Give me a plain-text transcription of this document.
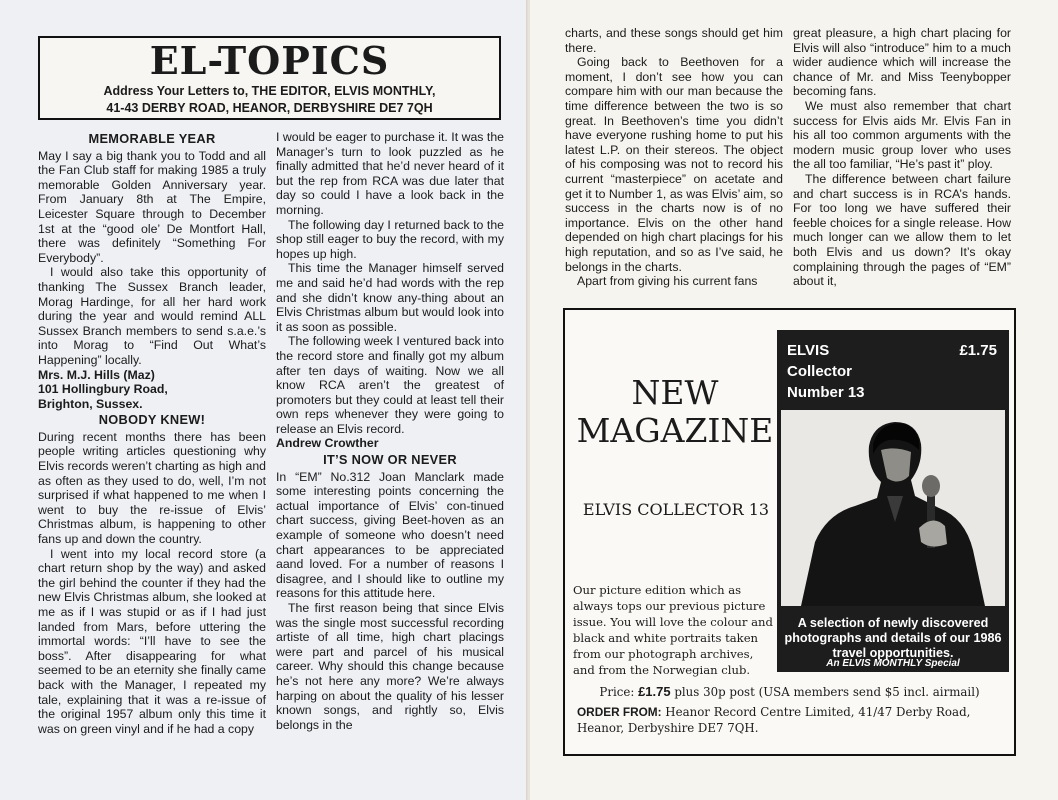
EL-TOPICS
Address Your Letters to, THE EDITOR, ELVIS MONTHLY,
41-43 DERBY ROAD, HEANOR, DERBYSHIRE DE7 7QH
MEMORABLE YEAR

May I say a big thank you to Todd and all the Fan Club staff for making 1985 a truly memorable Golden Anniversary year. From January 8th at The Empire, Leicester Square through to December 1st at the “good ole’ De Montfort Hall, there was definitely “Something For Everybody”.

I would also take this opportunity of thanking The Sussex Branch leader, Morag Hardinge, for all her hard work during the year and would remind ALL Sussex Branch members to send s.a.e.’s into Morag to “Find Out What’s Happening” locally.

Mrs. M.J. Hills (Maz)
101 Hollingbury Road,
Brighton, Sussex.
NOBODY KNEW!

During recent months there has been people writing articles questioning why Elvis records weren’t charting as high and as often as they used to do, well, I’m not surprised if what happened to me when I went to buy the re-issue of Elvis’ Christmas album, is happening to other fans up and down the country.

I went into my local record store (a chart return shop by the way) and asked the girl behind the counter if they had the new Elvis Christmas album, she looked at me as if I was stupid or as if I had just landed from Mars, before uttering the immortal words: “I’ll have to see the boss”. After disappearing for what seemed to be an eternity she finally came back with the Manager, I repeated my tale, explaining that it was a re-issue of the original 1957 album only this time it was on green vinyl and if he had a copy

I would be eager to purchase it. It was the Manager’s turn to look puzzled as he finally admitted that he’d never heard of it but the rep from RCA was due later that day so could I have a look back in the morning.

The following day I returned back to the shop still eager to buy the record, with my hopes up high.

This time the Manager himself served me and said he’d had words with the rep and she didn’t know any-thing about an Elvis Christmas album but would look into it as soon as possible.

The following week I ventured back into the record store and finally got my album after ten days of waiting. Now we all know RCA aren’t the greatest of promoters but they could at least tell their own reps whenever they were going to release an Elvis record.

Andrew Crowther
IT’S NOW OR NEVER

In “EM” No.312 Joan Manclark made some interesting points concerning the actual importance of Elvis’ con-tinued chart success, giving Beet-hoven as an example of someone who doesn’t need chart appearances to be appreciated aand loved. For a number of reasons I disagree, and I should like to outline my reasons for this attitude here.

The first reason being that since Elvis was the single most successful recording artiste of all time, high chart placings were part and parcel of his musical career. Why should this change because he’s not here any more? We’re always harping on about the quality of his lesser known songs, and rightly so, Elvis belongs in the

charts, and these songs should get him there.

Going back to Beethoven for a moment, I don’t see how you can compare him with our man because the time difference between the two is so great. In Beethoven’s time you didn’t have everyone rushing home to put his latest L.P. on their stereos. The object of his composing was not to record his current “masterpiece” on acetate and get it to Number 1, as was Elvis’ aim, so success in the charts now is of no importance. Elvis on the other hand depended on high chart placings for his high reputation, and so as I’ve said, he belongs in the charts.

Apart from giving his current fans

great pleasure, a high chart placing for Elvis will also “introduce” him to a much wider audience which will increase the chance of Mr. and Miss Teenybopper becoming fans.

We must also remember that chart success for Elvis aids Mr. Elvis Fan in his all too common arguments with the modern music group lover who uses the all too familiar, “He’s past it” ploy.

The difference between chart failure and chart success is in RCA’s hands. For too long we have suffered their feeble choices for a single release. How much longer can we allow them to let both Elvis and us down? It’s okay complaining through the pages of “EM” about it,

NEW
MAGAZINE
ELVIS COLLECTOR 13
Our picture edition which as always tops our previous picture issue. You will love the colour and black and white portraits taken from our photograph archives, and from the Norwegian club.
ELVIS	£1.75
Collector
Number 13
A selection of newly discovered photographs and details of our 1986 travel opportunities.
An ELVIS MONTHLY Special
Price: £1.75 plus 30p post (USA members send $5 incl. airmail)
ORDER FROM: Heanor Record Centre Limited, 41/47 Derby Road, Heanor, Derbyshire DE7 7QH.
